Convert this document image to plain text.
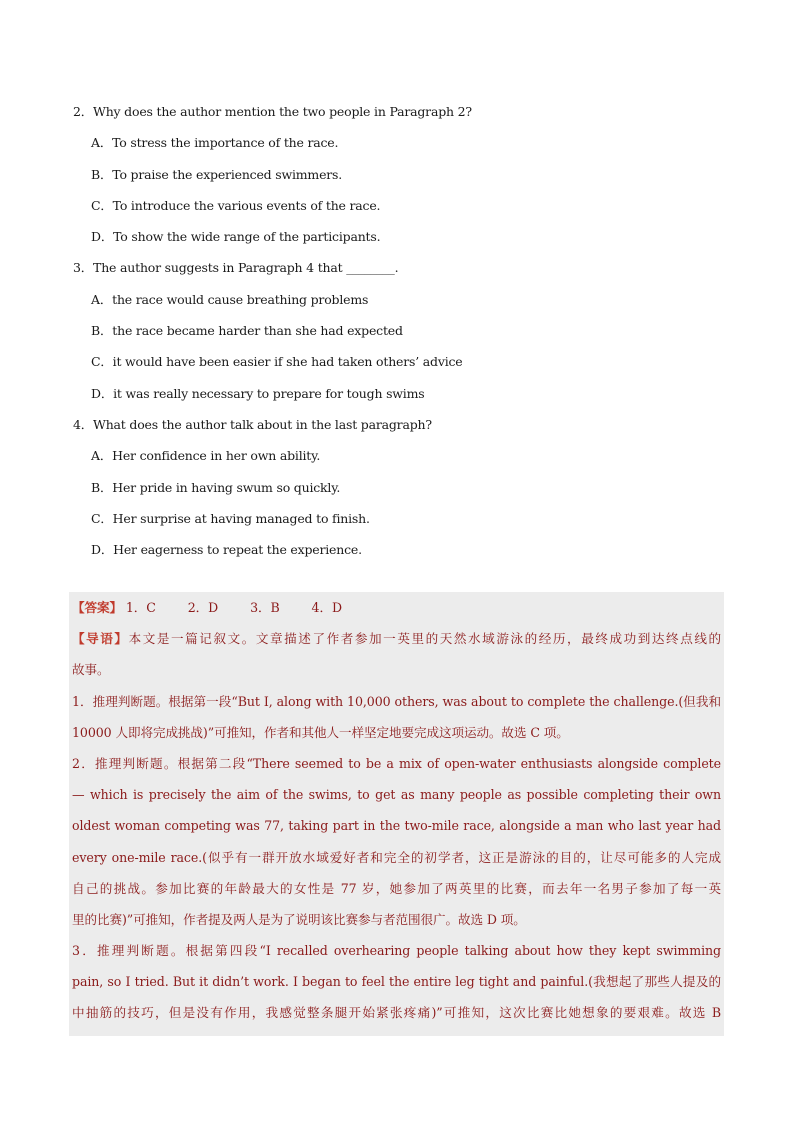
2．Why does the author mention the two people in Paragraph 2?
A．To stress the importance of the race.
B．To praise the experienced swimmers.
C．To introduce the various events of the race.
D．To show the wide range of the participants.
3．The author suggests in Paragraph 4 that ________.
A．the race would cause breathing problems
B．the race became harder than she had expected
C．it would have been easier if she had taken others’ advice
D．it was really necessary to prepare for tough swims
4．What does the author talk about in the last paragraph?
A．Her confidence in her own ability.
B．Her pride in having swum so quickly.
C．Her surprise at having managed to finish.
D．Her eagerness to repeat the experience.
【答案】 1．C	2．D	3．B	4．D
【导语】本文是一篇记叙文。文章描述了作者参加一英里的天然水域游泳的经历，最终成功到达终点线的
故事。
1．推理判断题。根据第一段“But I, along with 10,000 others, was about to complete the challenge.(但我和
10000 人即将完成挑战)”可推知，作者和其他人一样坚定地要完成这项运动。故选 C 项。
2．推理判断题。根据第二段“There seemed to be a mix of open-water enthusiasts alongside complete
— which is precisely the aim of the swims, to get as many people as possible completing their own
oldest woman competing was 77, taking part in the two-mile race, alongside a man who last year had
every one-mile race.(似乎有一群开放水域爱好者和完全的初学者，这正是游泳的目的，让尽可能多的人完成
自己的挑战。参加比赛的年龄最大的女性是 77 岁，她参加了两英里的比赛，而去年一名男子参加了每一英
里的比赛)”可推知，作者提及两人是为了说明该比赛参与者范围很广。故选 D 项。
3．推理判断题。根据第四段“I recalled overhearing people talking about how they kept swimming
pain, so I tried. But it didn’t work. I began to feel the entire leg tight and painful.(我想起了那些人提及的
中抽筋的技巧，但是没有作用，我感觉整条腿开始紧张疼痛)”可推知，这次比赛比她想象的要艰难。故选 B
